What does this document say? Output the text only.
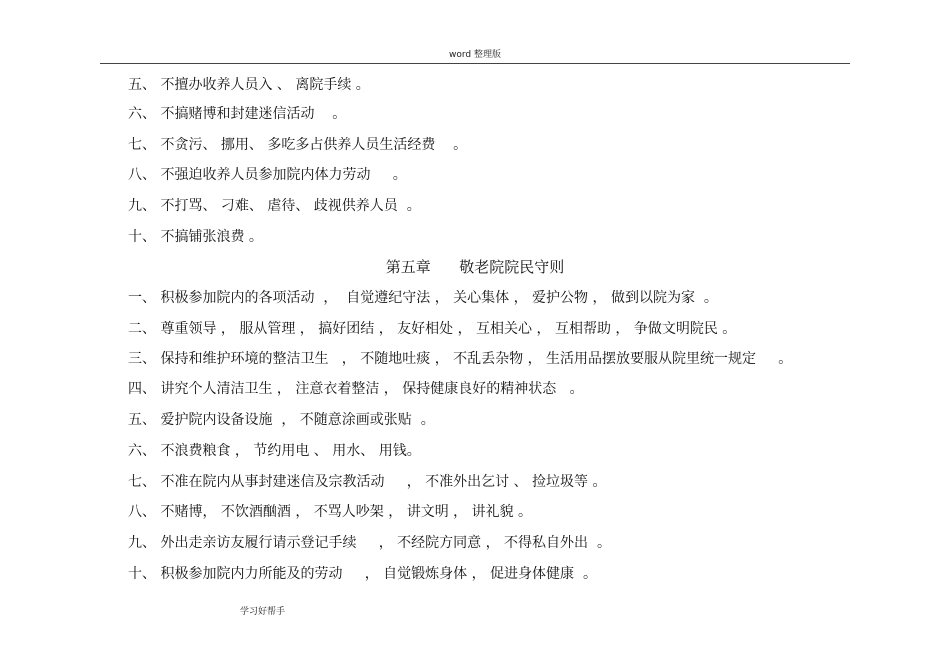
word 整理版
五、 不擅办收养人员入 、 离院手续 。
六、 不搞赌博和封建迷信活动    。
七、 不贪污、 挪用、 多吃多占供养人员生活经费    。
八、 不强迫收养人员参加院内体力劳动     。
九、 不打骂、 刁难、 虐待、 歧视供养人员  。
十、 不搞铺张浪费 。
第五章      敬老院院民守则
一、 积极参加院内的各项活动  ，  自觉遵纪守法 ， 关心集体 ， 爱护公物 ， 做到以院为家  。
二、 尊重领导 ， 服从管理 ， 搞好团结 ， 友好相处 ， 互相关心 ， 互相帮助 ， 争做文明院民 。
三、 保持和维护环境的整洁卫生   ， 不随地吐痰 ， 不乱丢杂物 ， 生活用品摆放要服从院里统一规定     。
四、 讲究个人清洁卫生 ， 注意衣着整洁 ， 保持健康良好的精神状态   。
五、 爱护院内设备设施  ， 不随意涂画或张贴  。
六、 不浪费粮食 ， 节约用电 、 用水、 用钱。
七、 不准在院内从事封建迷信及宗教活动     ， 不准外出乞讨 、 捡垃圾等 。
八、 不赌博， 不饮酒酗酒 ， 不骂人吵架 ， 讲文明 ， 讲礼貌 。
九、 外出走亲访友履行请示登记手续     ， 不经院方同意 ， 不得私自外出  。
十、 积极参加院内力所能及的劳动     ， 自觉锻炼身体 ， 促进身体健康  。
学习好帮手
